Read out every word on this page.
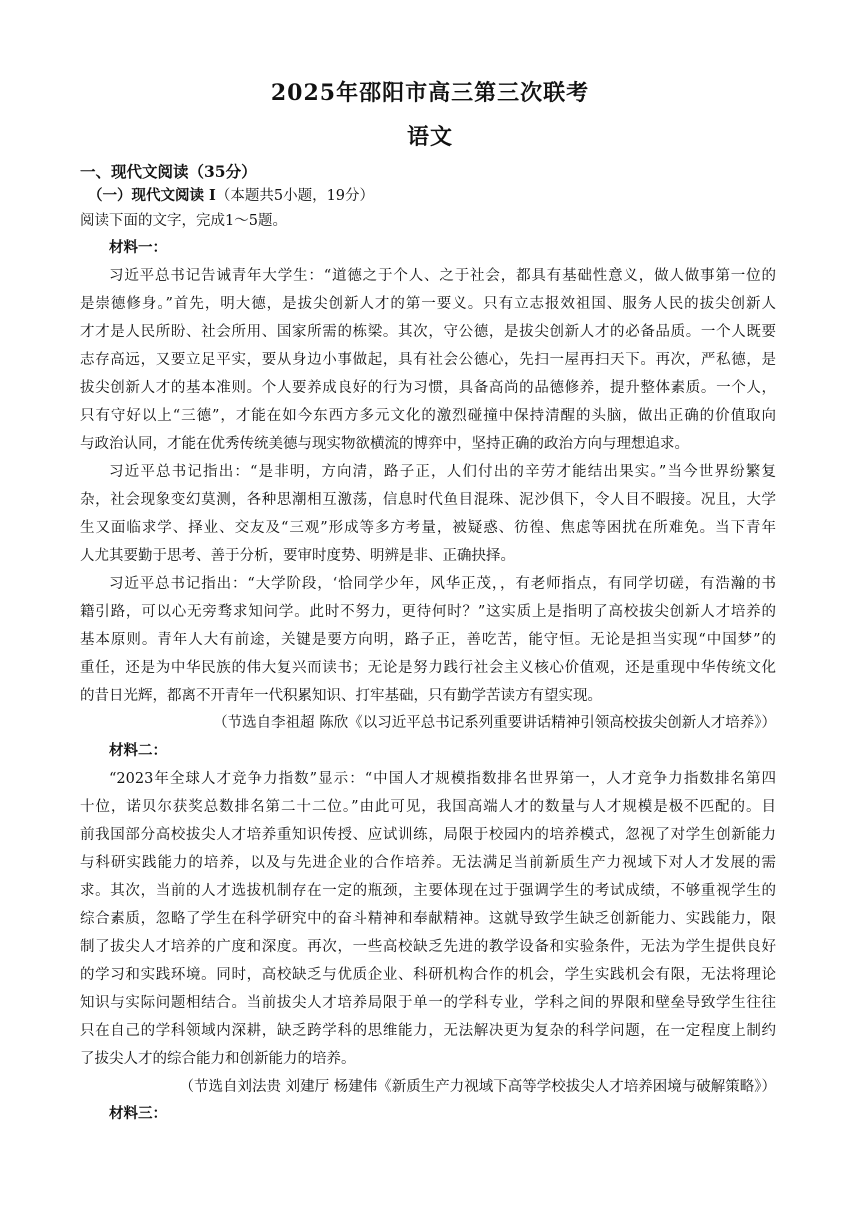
2025年邵阳市高三第三次联考
语文
一、现代文阅读（35分）
（一）现代文阅读 I（本题共5小题，19分）
阅读下面的文字，完成1～5题。
材料一：
习近平总书记告诫青年大学生：“道德之于个人、之于社会，都具有基础性意义，做人做事第一位的
是崇德修身。”首先，明大德，是拔尖创新人才的第一要义。只有立志报效祖国、服务人民的拔尖创新人
才才是人民所盼、社会所用、国家所需的栋梁。其次，守公德，是拔尖创新人才的必备品质。一个人既要
志存高远，又要立足平实，要从身边小事做起，具有社会公德心，先扫一屋再扫天下。再次，严私德，是
拔尖创新人才的基本准则。个人要养成良好的行为习惯，具备高尚的品德修养，提升整体素质。一个人，
只有守好以上“三德”，才能在如今东西方多元文化的激烈碰撞中保持清醒的头脑，做出正确的价值取向
与政治认同，才能在优秀传统美德与现实物欲横流的博弈中，坚持正确的政治方向与理想追求。
习近平总书记指出：“是非明，方向清，路子正，人们付出的辛劳才能结出果实。”当今世界纷繁复
杂，社会现象变幻莫测，各种思潮相互激荡，信息时代鱼目混珠、泥沙俱下，令人目不暇接。况且，大学
生又面临求学、择业、交友及“三观”形成等多方考量，被疑惑、彷徨、焦虑等困扰在所难免。当下青年
人尤其要勤于思考、善于分析，要审时度势、明辨是非、正确抉择。
习近平总书记指出：“大学阶段，‘恰同学少年，风华正茂，，有老师指点，有同学切磋，有浩瀚的书
籍引路，可以心无旁骛求知问学。此时不努力，更待何时？”这实质上是指明了高校拔尖创新人才培养的
基本原则。青年人大有前途，关键是要方向明，路子正，善吃苦，能守恒。无论是担当实现“中国梦”的
重任，还是为中华民族的伟大复兴而读书；无论是努力践行社会主义核心价值观，还是重现中华传统文化
的昔日光辉，都离不开青年一代积累知识、打牢基础，只有勤学苦读方有望实现。
（节选自李祖超 陈欣《以习近平总书记系列重要讲话精神引领高校拔尖创新人才培养》）
材料二：
“2023年全球人才竞争力指数”显示：“中国人才规模指数排名世界第一，人才竞争力指数排名第四
十位，诺贝尔获奖总数排名第二十二位。”由此可见，我国高端人才的数量与人才规模是极不匹配的。目
前我国部分高校拔尖人才培养重知识传授、应试训练，局限于校园内的培养模式，忽视了对学生创新能力
与科研实践能力的培养，以及与先进企业的合作培养。无法满足当前新质生产力视域下对人才发展的需
求。其次，当前的人才选拔机制存在一定的瓶颈，主要体现在过于强调学生的考试成绩，不够重视学生的
综合素质，忽略了学生在科学研究中的奋斗精神和奉献精神。这就导致学生缺乏创新能力、实践能力，限
制了拔尖人才培养的广度和深度。再次，一些高校缺乏先进的教学设备和实验条件，无法为学生提供良好
的学习和实践环境。同时，高校缺乏与优质企业、科研机构合作的机会，学生实践机会有限，无法将理论
知识与实际问题相结合。当前拔尖人才培养局限于单一的学科专业，学科之间的界限和壁垒导致学生往往
只在自己的学科领域内深耕，缺乏跨学科的思维能力，无法解决更为复杂的科学问题，在一定程度上制约
了拔尖人才的综合能力和创新能力的培养。
（节选自刘法贵 刘建厅 杨建伟《新质生产力视域下高等学校拔尖人才培养困境与破解策略》）
材料三：
